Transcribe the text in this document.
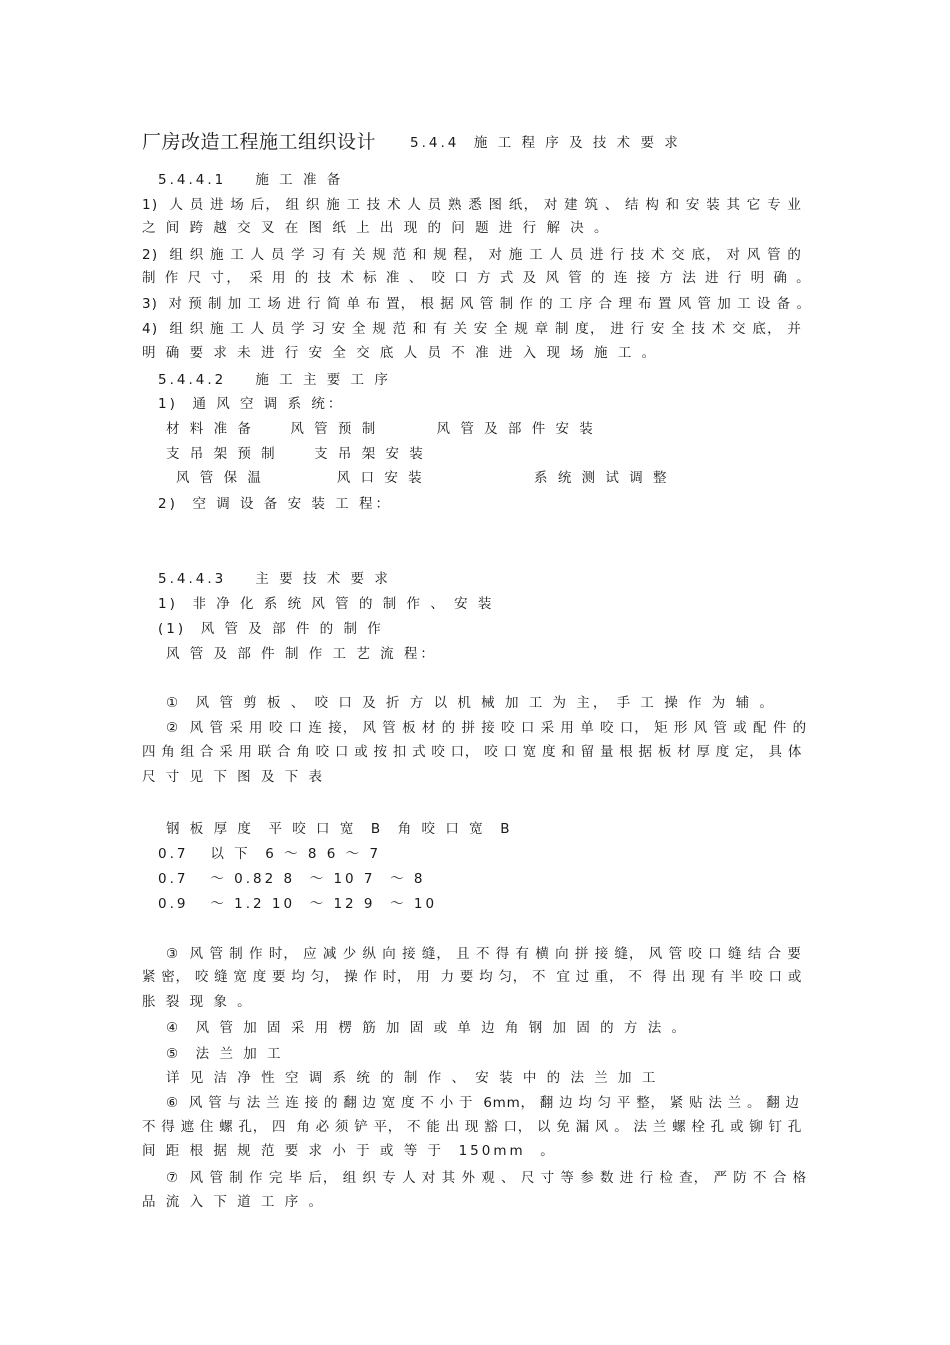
厂房改造工程施工组织设计	5.4.4  施 工 程 序 及 技 术 要 求
5.4.4.1    施 工 准 备
1)  人 员 进 场 后， 组 织 施 工 技 术 人 员 熟 悉 图 纸， 对 建 筑 、 结 构 和 安 装 其 它 专 业
之 间 跨 越 交 叉 在 图 纸 上 出 现 的 问 题 进 行 解 决 。
2)  组 织 施 工 人 员 学 习 有 关 规 范 和 规 程， 对 施 工 人 员 进 行 技 术 交 底， 对 风 管 的
制 作 尺 寸， 采 用 的 技 术 标 准 、 咬 口 方 式 及 风 管 的 连 接 方 法 进 行 明 确 。
3)  对 预 制 加 工 场 进 行 简 单 布 置， 根 据 风 管 制 作 的 工 序 合 理 布 置 风 管 加 工 设 备 。
4)  组 织 施 工 人 员 学 习 安 全 规 范 和 有 关 安 全 规 章 制 度， 进 行 安 全 技 术 交 底， 并
明 确 要 求 未 进 行 安 全 交 底 人 员 不 准 进 入 现 场 施 工 。
5.4.4.2    施 工 主 要 工 序
1)  通 风 空 调 系 统：
材 料 准 备     风 管 预 制        风 管 及 部 件 安 装
支 吊 架 预 制     支 吊 架 安 装
风 管 保 温          风 口 安 装               系 统 测 试 调 整
2)  空 调 设 备 安 装 工 程：
5.4.4.3    主 要 技 术 要 求
1)  非 净 化 系 统 风 管 的 制 作 、 安 装
(1)  风 管 及 部 件 的 制 作
风 管 及 部 件 制 作 工 艺 流 程：
①  风 管 剪 板 、 咬 口 及 折 方 以 机 械 加 工 为 主， 手 工 操 作 为 辅 。
②  风 管 采 用 咬 口 连 接， 风 管 板 材 的 拼 接 咬 口 采 用 单 咬 口， 矩 形 风 管 或 配 件 的
四 角 组 合 采 用 联 合 角 咬 口 或 按 扣 式 咬 口， 咬 口 宽 度 和 留 量 根 据 板 材 厚 度 定， 具 体
尺 寸 见 下 图 及 下 表
钢 板 厚 度  平 咬 口 宽  B  角 咬 口 宽  B
0.7   以 下  6 ～ 8 6 ～ 7
0.7   ～ 0.82 8  ～ 10 7  ～ 8
0.9   ～ 1.2 10  ～ 12 9  ～ 10
③  风 管 制 作 时， 应 减 少 纵 向 接 缝， 且 不 得 有 横 向 拼 接 缝， 风 管 咬 口 缝 结 合 要
紧 密， 咬 缝 宽 度 要 均 匀， 操 作 时， 用  力 要 均 匀， 不  宜 过 重， 不  得 出 现 有 半 咬 口 或
胀 裂 现 象 。
④  风 管 加 固 采 用 楞 筋 加 固 或 单 边 角 钢 加 固 的 方 法 。
⑤  法 兰 加 工
详 见 洁 净 性 空 调 系 统 的 制 作 、 安 装 中 的 法 兰 加 工
⑥  风 管 与 法 兰 连 接 的 翻 边 宽 度 不 小 于  6mm， 翻 边 均 匀 平 整， 紧 贴 法 兰 。 翻 边
不 得 遮 住 螺 孔， 四  角 必 须 铲 平， 不 能 出 现 豁 口， 以 免 漏 风 。 法 兰 螺 栓 孔 或 铆 钉 孔
间 距 根 据 规 范 要 求 小 于 或 等 于  150mm  。
⑦  风 管 制 作 完 毕 后， 组 织 专 人 对 其 外 观 、 尺 寸 等 参 数 进 行 检 查， 严 防 不 合 格
品 流 入 下 道 工 序 。
